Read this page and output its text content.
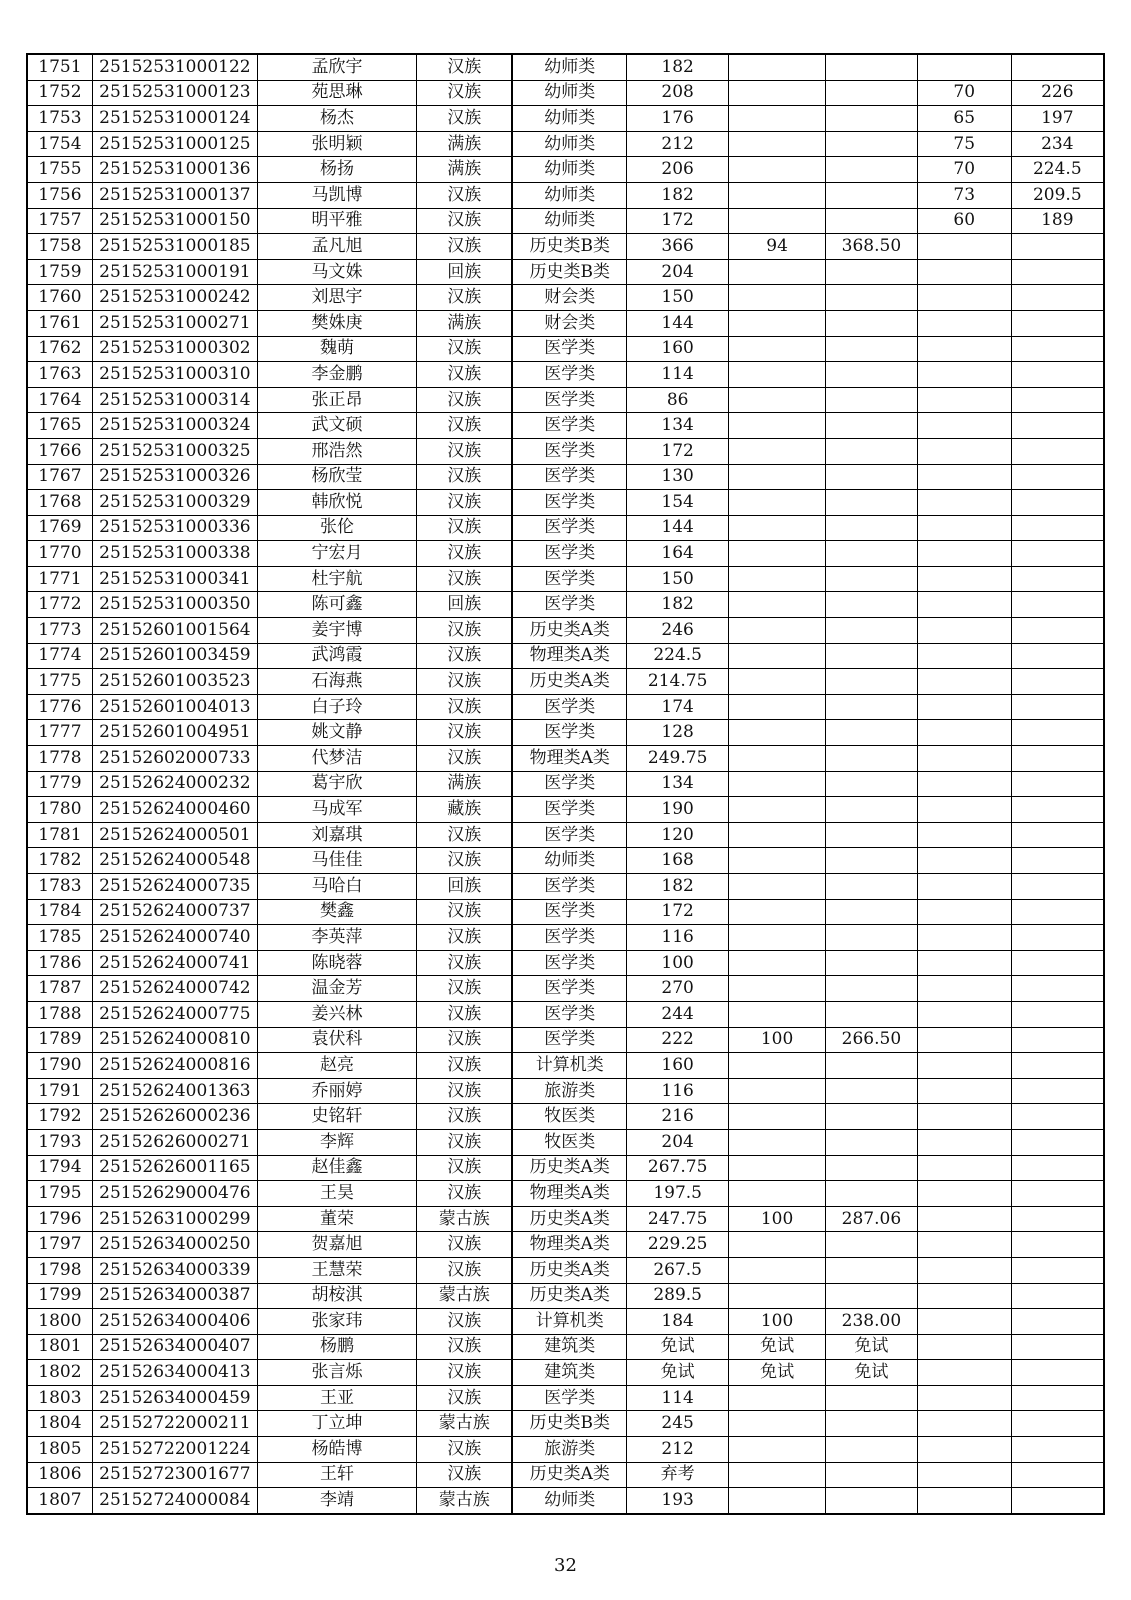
1751	25152531000122	孟欣宇	汉族	幼师类	182				
1752	25152531000123	苑思琳	汉族	幼师类	208			70	226
1753	25152531000124	杨杰	汉族	幼师类	176			65	197
1754	25152531000125	张明颖	满族	幼师类	212			75	234
1755	25152531000136	杨扬	满族	幼师类	206			70	224.5
1756	25152531000137	马凯博	汉族	幼师类	182			73	209.5
1757	25152531000150	明平雅	汉族	幼师类	172			60	189
1758	25152531000185	孟凡旭	汉族	历史类B类	366	94	368.50		
1759	25152531000191	马文姝	回族	历史类B类	204				
1760	25152531000242	刘思宇	汉族	财会类	150				
1761	25152531000271	樊姝庚	满族	财会类	144				
1762	25152531000302	魏萌	汉族	医学类	160				
1763	25152531000310	李金鹏	汉族	医学类	114				
1764	25152531000314	张正昂	汉族	医学类	86				
1765	25152531000324	武文硕	汉族	医学类	134				
1766	25152531000325	邢浩然	汉族	医学类	172				
1767	25152531000326	杨欣莹	汉族	医学类	130				
1768	25152531000329	韩欣悦	汉族	医学类	154				
1769	25152531000336	张伦	汉族	医学类	144				
1770	25152531000338	宁宏月	汉族	医学类	164				
1771	25152531000341	杜宇航	汉族	医学类	150				
1772	25152531000350	陈可鑫	回族	医学类	182				
1773	25152601001564	姜宇博	汉族	历史类A类	246				
1774	25152601003459	武鸿霞	汉族	物理类A类	224.5				
1775	25152601003523	石海燕	汉族	历史类A类	214.75				
1776	25152601004013	白子玲	汉族	医学类	174				
1777	25152601004951	姚文静	汉族	医学类	128				
1778	25152602000733	代梦洁	汉族	物理类A类	249.75				
1779	25152624000232	葛宇欣	满族	医学类	134				
1780	25152624000460	马成军	藏族	医学类	190				
1781	25152624000501	刘嘉琪	汉族	医学类	120				
1782	25152624000548	马佳佳	汉族	幼师类	168				
1783	25152624000735	马哈白	回族	医学类	182				
1784	25152624000737	樊鑫	汉族	医学类	172				
1785	25152624000740	李英萍	汉族	医学类	116				
1786	25152624000741	陈晓蓉	汉族	医学类	100				
1787	25152624000742	温金芳	汉族	医学类	270				
1788	25152624000775	姜兴林	汉族	医学类	244				
1789	25152624000810	袁伏科	汉族	医学类	222	100	266.50		
1790	25152624000816	赵亮	汉族	计算机类	160				
1791	25152624001363	乔丽婷	汉族	旅游类	116				
1792	25152626000236	史铭轩	汉族	牧医类	216				
1793	25152626000271	李辉	汉族	牧医类	204				
1794	25152626001165	赵佳鑫	汉族	历史类A类	267.75				
1795	25152629000476	王昊	汉族	物理类A类	197.5				
1796	25152631000299	董荣	蒙古族	历史类A类	247.75	100	287.06		
1797	25152634000250	贺嘉旭	汉族	物理类A类	229.25				
1798	25152634000339	王慧荣	汉族	历史类A类	267.5				
1799	25152634000387	胡桉淇	蒙古族	历史类A类	289.5				
1800	25152634000406	张家玮	汉族	计算机类	184	100	238.00		
1801	25152634000407	杨鹏	汉族	建筑类	免试	免试	免试		
1802	25152634000413	张言烁	汉族	建筑类	免试	免试	免试		
1803	25152634000459	王亚	汉族	医学类	114				
1804	25152722000211	丁立坤	蒙古族	历史类B类	245				
1805	25152722001224	杨皓博	汉族	旅游类	212				
1806	25152723001677	王轩	汉族	历史类A类	弃考				
1807	25152724000084	李靖	蒙古族	幼师类	193				
32
